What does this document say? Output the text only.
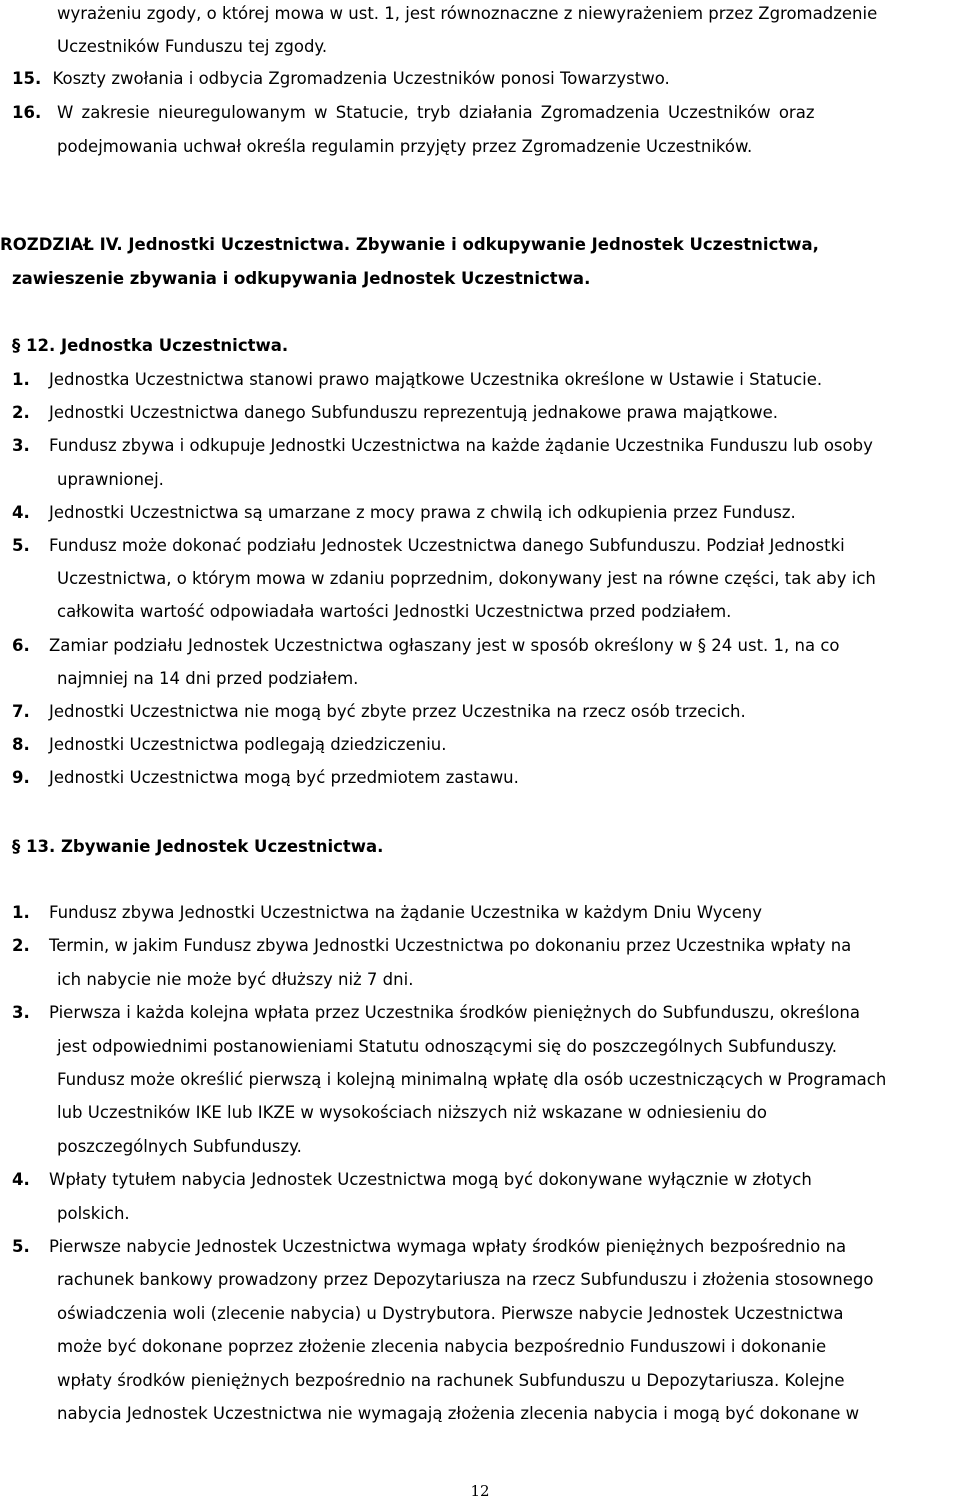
wyrażeniu zgody, o której mowa w ust. 1, jest równoznaczne z niewyrażeniem przez Zgromadzenie
Uczestników Funduszu tej zgody.
15. Koszty zwołania i odbycia Zgromadzenia Uczestników ponosi Towarzystwo.
16. W zakresie nieuregulowanym w Statucie, tryb działania Zgromadzenia Uczestników oraz
podejmowania uchwał określa regulamin przyjęty przez Zgromadzenie Uczestników.
ROZDZIAŁ IV. Jednostki Uczestnictwa. Zbywanie i odkupywanie Jednostek Uczestnictwa,
zawieszenie zbywania i odkupywania Jednostek Uczestnictwa.
§ 12. Jednostka Uczestnictwa.
§ 13. Zbywanie Jednostek Uczestnictwa.
12
1. Jednostka Uczestnictwa stanowi prawo majątkowe Uczestnika określone w Ustawie i Statucie.
2. Jednostki Uczestnictwa danego Subfunduszu reprezentują jednakowe prawa majątkowe.
3. Fundusz zbywa i odkupuje Jednostki Uczestnictwa na każde żądanie Uczestnika Funduszu lub osoby
uprawnionej.
4. Jednostki Uczestnictwa są umarzane z mocy prawa z chwilą ich odkupienia przez Fundusz.
5. Fundusz może dokonać podziału Jednostek Uczestnictwa danego Subfunduszu. Podział Jednostki
Uczestnictwa, o którym mowa w zdaniu poprzednim, dokonywany jest na równe części, tak aby ich
całkowita wartość odpowiadała wartości Jednostki Uczestnictwa przed podziałem.
6. Zamiar podziału Jednostek Uczestnictwa ogłaszany jest w sposób określony w § 24 ust. 1, na co
najmniej na 14 dni przed podziałem.
7. Jednostki Uczestnictwa nie mogą być zbyte przez Uczestnika na rzecz osób trzecich.
8. Jednostki Uczestnictwa podlegają dziedziczeniu.
9. Jednostki Uczestnictwa mogą być przedmiotem zastawu.
1. Fundusz zbywa Jednostki Uczestnictwa na żądanie Uczestnika w każdym Dniu Wyceny
2. Termin, w jakim Fundusz zbywa Jednostki Uczestnictwa po dokonaniu przez Uczestnika wpłaty na
ich nabycie nie może być dłuższy niż 7 dni.
3. Pierwsza i każda kolejna wpłata przez Uczestnika środków pieniężnych do Subfunduszu, określona
jest odpowiednimi postanowieniami Statutu odnoszącymi się do poszczególnych Subfunduszy.
Fundusz może określić pierwszą i kolejną minimalną wpłatę dla osób uczestniczących w Programach
lub Uczestników IKE lub IKZE w wysokościach niższych niż wskazane w odniesieniu do
poszczególnych Subfunduszy.
4. Wpłaty tytułem nabycia Jednostek Uczestnictwa mogą być dokonywane wyłącznie w złotych
polskich.
5. Pierwsze nabycie Jednostek Uczestnictwa wymaga wpłaty środków pieniężnych bezpośrednio na
rachunek bankowy prowadzony przez Depozytariusza na rzecz Subfunduszu i złożenia stosownego
oświadczenia woli (zlecenie nabycia) u Dystrybutora. Pierwsze nabycie Jednostek Uczestnictwa
może być dokonane poprzez złożenie zlecenia nabycia bezpośrednio Funduszowi i dokonanie
wpłaty środków pieniężnych bezpośrednio na rachunek Subfunduszu u Depozytariusza. Kolejne
nabycia Jednostek Uczestnictwa nie wymagają złożenia zlecenia nabycia i mogą być dokonane w
